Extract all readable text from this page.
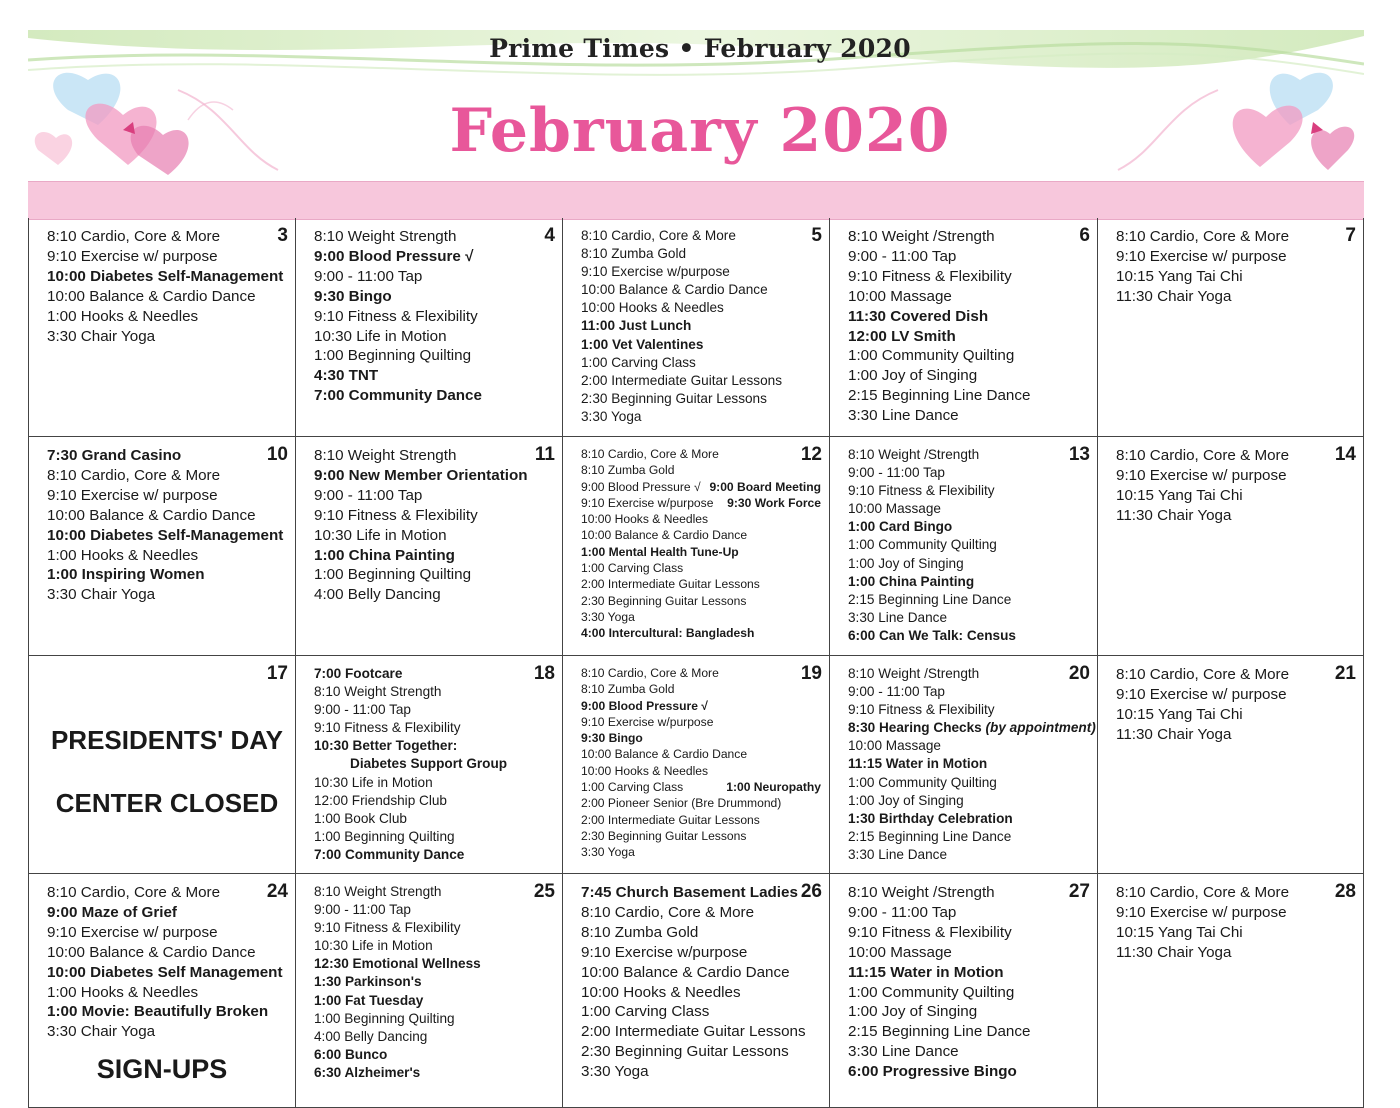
Prime Times • February 2020
February 2020
3
8:10 Cardio, Core & More
9:10 Exercise w/ purpose
10:00 Diabetes Self-Management
10:00 Balance & Cardio Dance
1:00 Hooks & Needles
3:30 Chair Yoga
4
8:10 Weight Strength
9:00 Blood Pressure √
9:00 - 11:00 Tap
9:30 Bingo
9:10 Fitness & Flexibility
10:30 Life in Motion
1:00 Beginning Quilting
4:30 TNT
7:00 Community Dance
5
8:10 Cardio, Core & More
8:10 Zumba Gold
9:10 Exercise w/purpose
10:00 Balance & Cardio Dance
10:00 Hooks & Needles
11:00 Just Lunch
1:00 Vet Valentines
1:00 Carving Class
2:00 Intermediate Guitar Lessons
2:30 Beginning Guitar Lessons
3:30 Yoga
6
8:10 Weight /Strength
9:00 - 11:00 Tap
9:10 Fitness & Flexibility
10:00 Massage
11:30 Covered Dish
12:00 LV Smith
1:00 Community Quilting
1:00 Joy of Singing
2:15 Beginning Line Dance
3:30 Line Dance
7
8:10 Cardio, Core & More
9:10 Exercise w/ purpose
10:15 Yang Tai Chi
11:30 Chair Yoga
10
7:30 Grand Casino
8:10 Cardio, Core & More
9:10 Exercise w/ purpose
10:00 Balance & Cardio Dance
10:00 Diabetes Self-Management
1:00 Hooks & Needles
1:00 Inspiring Women
3:30 Chair Yoga
11
8:10 Weight Strength
9:00 New Member Orientation
9:00 - 11:00 Tap
9:10 Fitness & Flexibility
10:30 Life in Motion
1:00 China Painting
1:00 Beginning Quilting
4:00 Belly Dancing
12
8:10 Cardio, Core & More
8:10 Zumba Gold
9:00 Board Meeting
9:00 Blood Pressure √
9:30 Work Force
9:10 Exercise w/purpose
10:00 Hooks & Needles
10:00 Balance & Cardio Dance
1:00 Mental Health Tune-Up
1:00 Carving Class
2:00 Intermediate Guitar Lessons
2:30 Beginning Guitar Lessons
3:30 Yoga
4:00 Intercultural: Bangladesh
13
8:10 Weight /Strength
9:00 - 11:00 Tap
9:10 Fitness & Flexibility
10:00 Massage
1:00 Card Bingo
1:00 Community Quilting
1:00 Joy of Singing
1:00 China Painting
2:15 Beginning Line Dance
3:30 Line Dance
6:00 Can We Talk: Census
14
8:10 Cardio, Core & More
9:10 Exercise w/ purpose
10:15 Yang Tai Chi
11:30 Chair Yoga
17
PRESIDENTS' DAY
CENTER CLOSED
18
7:00 Footcare
8:10 Weight Strength
9:00 - 11:00 Tap
9:10 Fitness & Flexibility
10:30 Better Together:
Diabetes Support Group
10:30 Life in Motion
12:00 Friendship Club
1:00 Book Club
1:00 Beginning Quilting
7:00 Community Dance
19
8:10 Cardio, Core & More
8:10 Zumba Gold
9:00 Blood Pressure √
9:10 Exercise w/purpose
9:30 Bingo
10:00 Balance & Cardio Dance
10:00 Hooks & Needles
1:00 Neuropathy
1:00 Carving Class
2:00 Pioneer Senior (Bre Drummond)
2:00 Intermediate Guitar Lessons
2:30 Beginning Guitar Lessons
3:30 Yoga
20
8:10 Weight /Strength
9:00 - 11:00 Tap
9:10 Fitness & Flexibility
8:30 Hearing Checks (by appointment)
10:00 Massage
11:15 Water in Motion
1:00 Community Quilting
1:00 Joy of Singing
1:30 Birthday Celebration
2:15 Beginning Line Dance
3:30 Line Dance
21
8:10 Cardio, Core & More
9:10 Exercise w/ purpose
10:15 Yang Tai Chi
11:30 Chair Yoga
24
8:10 Cardio, Core & More
9:00 Maze of Grief
9:10 Exercise w/ purpose
10:00 Balance & Cardio Dance
10:00 Diabetes Self Management
1:00 Hooks & Needles
1:00 Movie: Beautifully Broken
3:30 Chair Yoga
SIGN-UPS
25
8:10 Weight Strength
9:00 - 11:00 Tap
9:10 Fitness & Flexibility
10:30 Life in Motion
12:30 Emotional Wellness
1:30 Parkinson's
1:00 Fat Tuesday
1:00 Beginning Quilting
4:00 Belly Dancing
6:00 Bunco
6:30 Alzheimer's
26
7:45 Church Basement Ladies
8:10 Cardio, Core & More
8:10 Zumba Gold
9:10 Exercise w/purpose
10:00 Balance & Cardio Dance
10:00 Hooks & Needles
1:00 Carving Class
2:00 Intermediate Guitar Lessons
2:30 Beginning Guitar Lessons
3:30 Yoga
27
8:10 Weight /Strength
9:00 - 11:00 Tap
9:10 Fitness & Flexibility
10:00 Massage
11:15 Water in Motion
1:00 Community Quilting
1:00 Joy of Singing
2:15 Beginning Line Dance
3:30 Line Dance
6:00 Progressive Bingo
28
8:10 Cardio, Core & More
9:10 Exercise w/ purpose
10:15 Yang Tai Chi
11:30 Chair Yoga
